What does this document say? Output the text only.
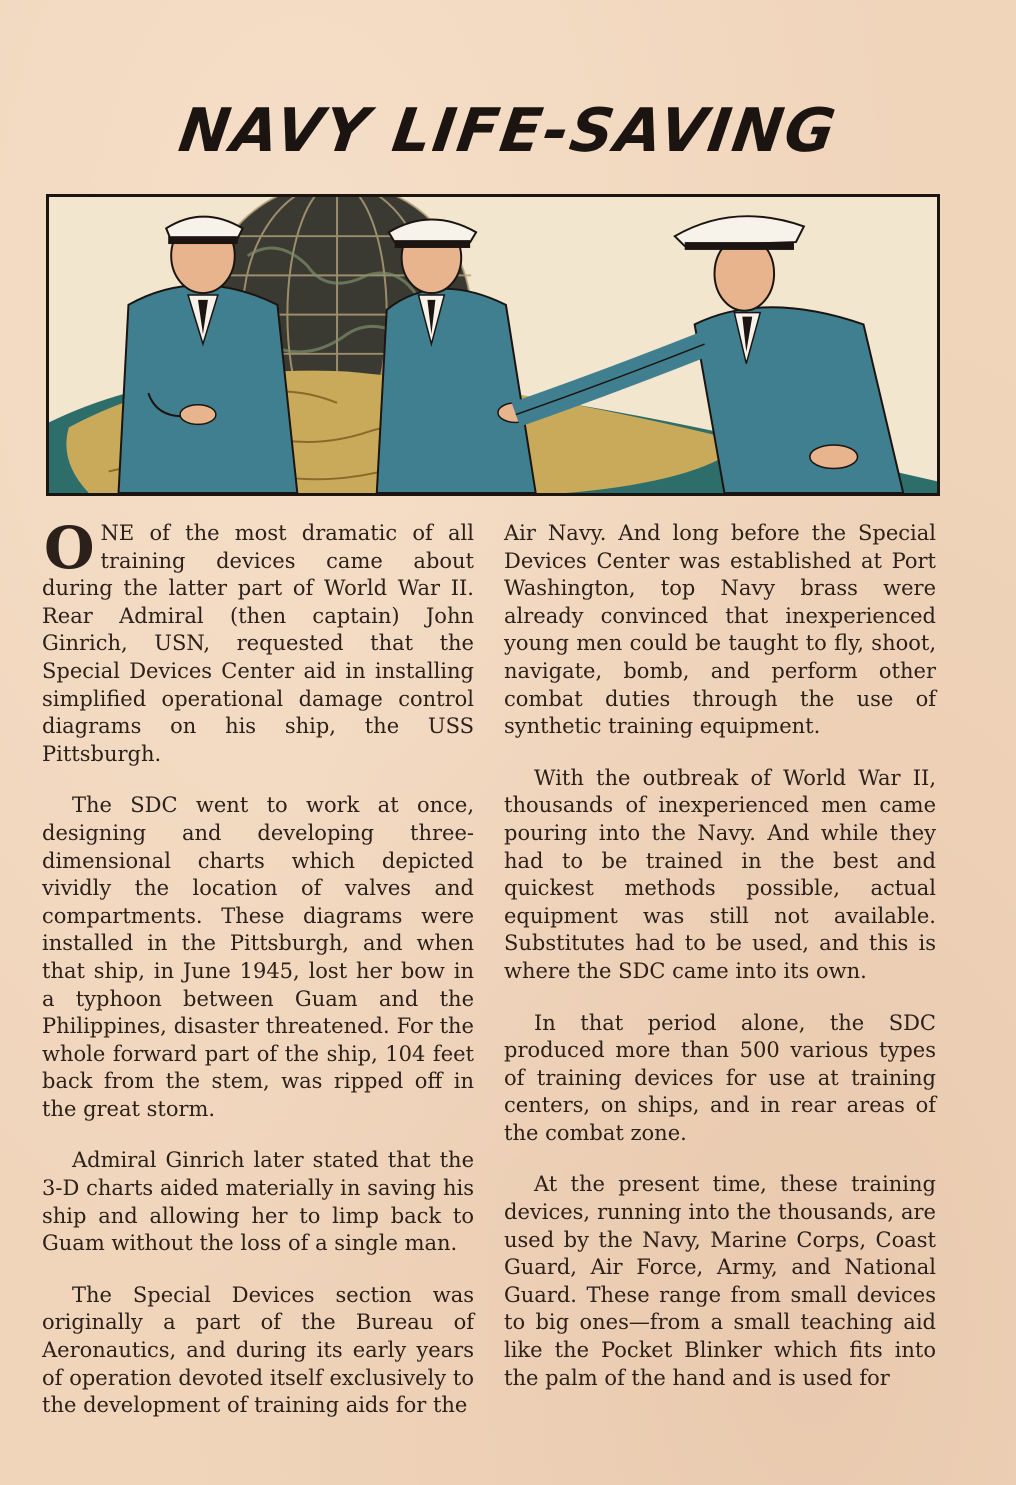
NAVY LIFE-SAVING

ONE of the most dramatic of all training devices came about during the latter part of World War II. Rear Admiral (then captain) John Ginrich, USN, requested that the Special Devices Center aid in installing simplified operational damage control diagrams on his ship, the USS Pittsburgh.

The SDC went to work at once, designing and developing three-dimensional charts which depicted vividly the location of valves and compartments. These diagrams were installed in the Pittsburgh, and when that ship, in June 1945, lost her bow in a typhoon between Guam and the Philippines, disaster threatened. For the whole forward part of the ship, 104 feet back from the stem, was ripped off in the great storm.

Admiral Ginrich later stated that the 3-D charts aided materially in saving his ship and allowing her to limp back to Guam without the loss of a single man.

The Special Devices section was originally a part of the Bureau of Aeronautics, and during its early years of operation devoted itself exclusively to the development of training aids for the

Air Navy. And long before the Special Devices Center was established at Port Washington, top Navy brass were already convinced that inexperienced young men could be taught to fly, shoot, navigate, bomb, and perform other combat duties through the use of synthetic training equipment.

With the outbreak of World War II, thousands of inexperienced men came pouring into the Navy. And while they had to be trained in the best and quickest methods possible, actual equipment was still not available. Substitutes had to be used, and this is where the SDC came into its own.

In that period alone, the SDC produced more than 500 various types of training devices for use at training centers, on ships, and in rear areas of the combat zone.

At the present time, these training devices, running into the thousands, are used by the Navy, Marine Corps, Coast Guard, Air Force, Army, and National Guard. These range from small devices to big ones—from a small teaching aid like the Pocket Blinker which fits into the palm of the hand and is used for
